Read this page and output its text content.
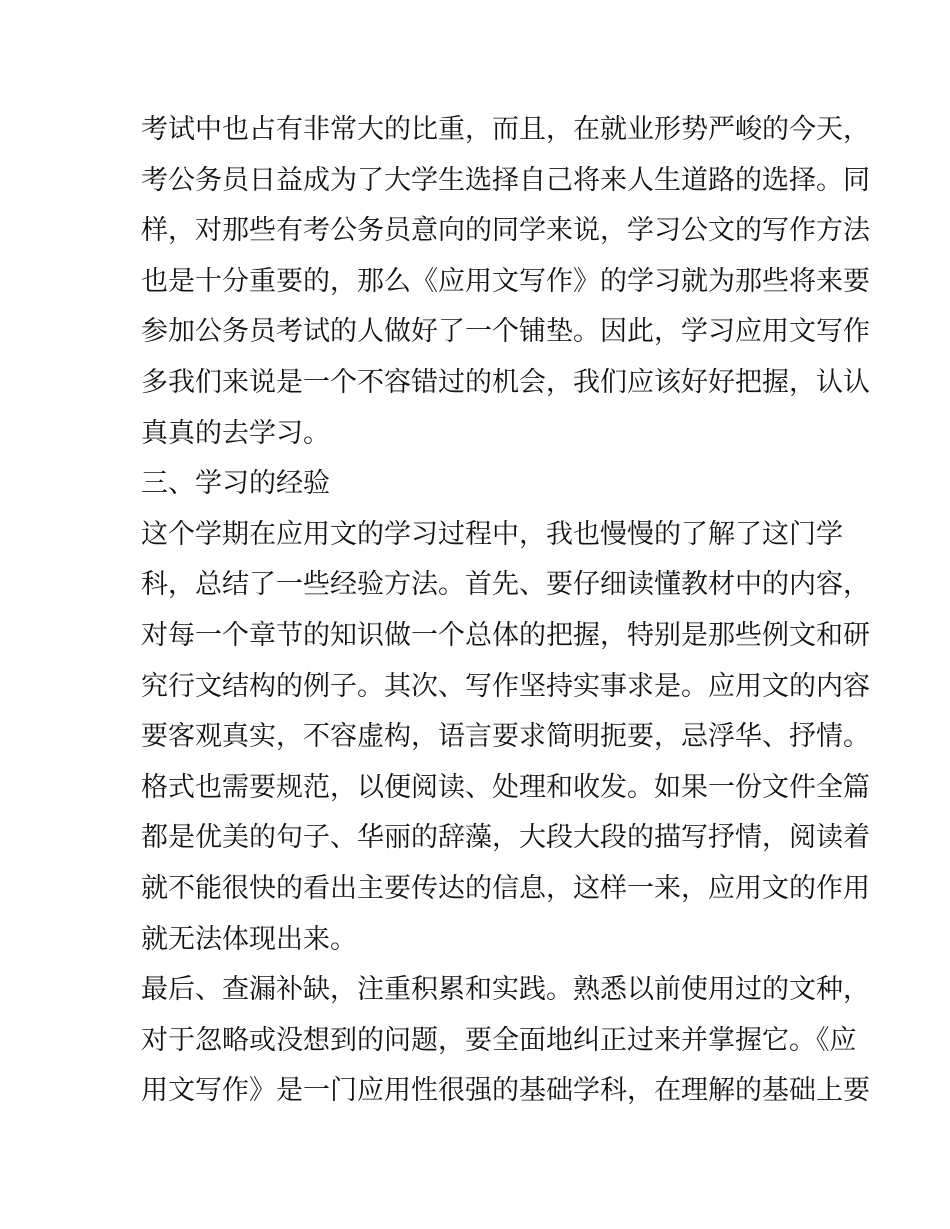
考试中也占有非常大的比重，而且，在就业形势严峻的今天，
考公务员日益成为了大学生选择自己将来人生道路的选择。同
样，对那些有考公务员意向的同学来说，学习公文的写作方法
也是十分重要的，那么《应用文写作》的学习就为那些将来要
参加公务员考试的人做好了一个铺垫。因此，学习应用文写作
多我们来说是一个不容错过的机会，我们应该好好把握，认认
真真的去学习。
三、学习的经验
这个学期在应用文的学习过程中，我也慢慢的了解了这门学
科，总结了一些经验方法。首先、要仔细读懂教材中的内容，
对每一个章节的知识做一个总体的把握，特别是那些例文和研
究行文结构的例子。其次、写作坚持实事求是。应用文的内容
要客观真实，不容虚构，语言要求简明扼要，忌浮华、抒情。
格式也需要规范，以便阅读、处理和收发。如果一份文件全篇
都是优美的句子、华丽的辞藻，大段大段的描写抒情，阅读着
就不能很快的看出主要传达的信息，这样一来，应用文的作用
就无法体现出来。
最后、查漏补缺，注重积累和实践。熟悉以前使用过的文种，
对于忽略或没想到的问题，要全面地纠正过来并掌握它。《应
用文写作》是一门应用性很强的基础学科，在理解的基础上要
